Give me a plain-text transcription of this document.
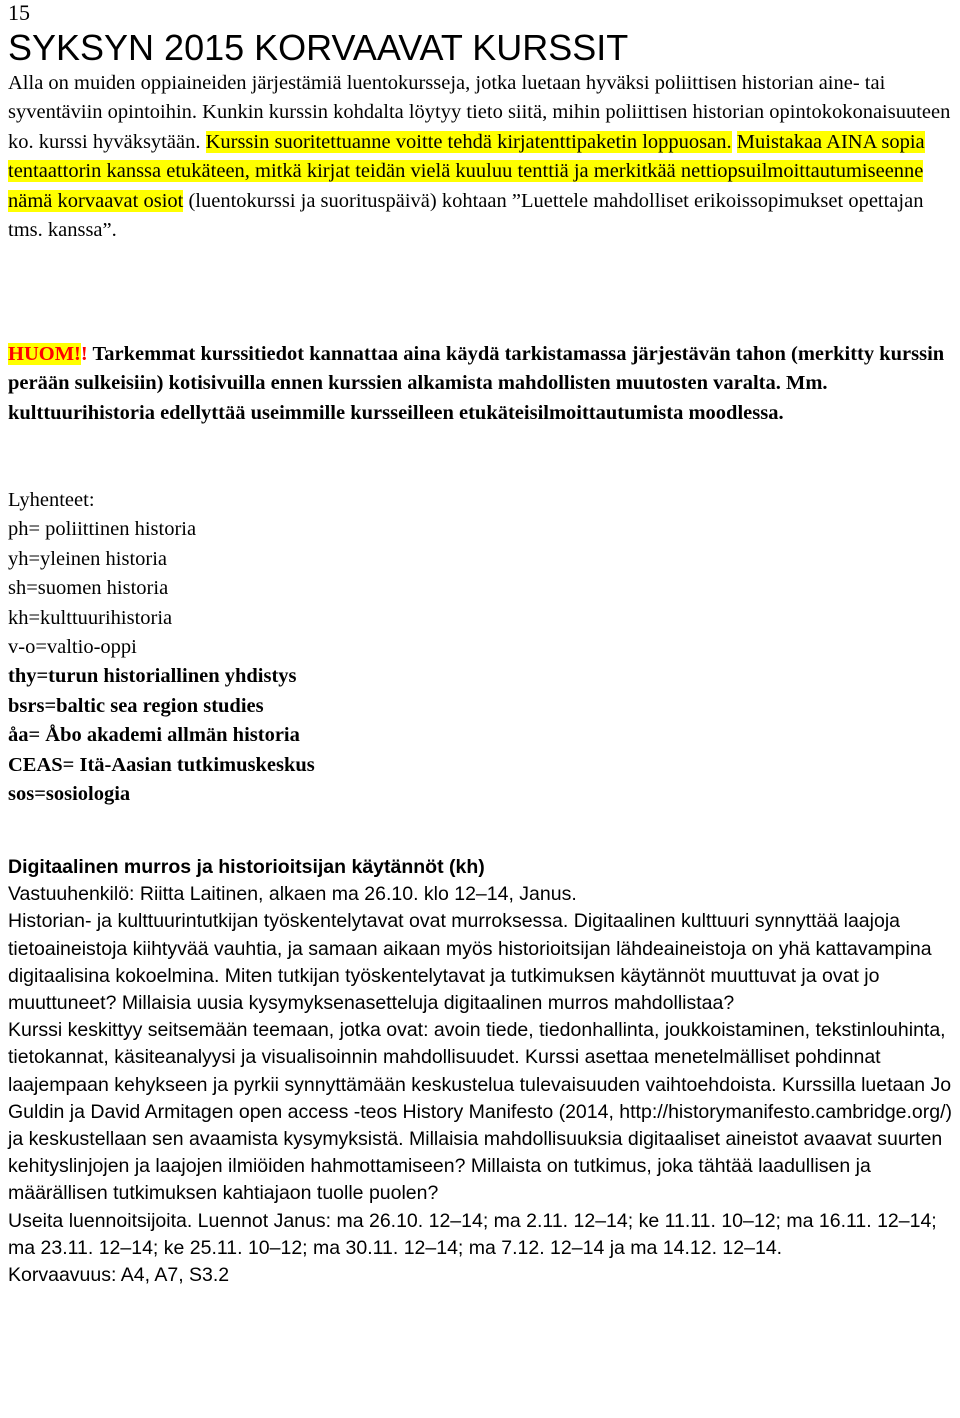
15
SYKSYN 2015 KORVAAVAT KURSSIT
Alla on muiden oppiaineiden järjestämiä luentokursseja, jotka luetaan hyväksi poliittisen historian aine- tai syventäviin opintoihin. Kunkin kurssin kohdalta löytyy tieto siitä, mihin poliittisen historian opintokokonaisuuteen ko. kurssi hyväksytään. Kurssin suoritettuanne voitte tehdä kirjatenttipaketin loppuosan. Muistakaa AINA sopia tentaattorin kanssa etukäteen, mitkä kirjat teidän vielä kuuluu tenttiä ja merkitkää nettiopsuilmoittautumiseenne nämä korvaavat osiot (luentokurssi ja suorituspäivä) kohtaan ”Luettele mahdolliset erikoissopimukset opettajan tms. kanssa”.
HUOM!! Tarkemmat kurssitiedot kannattaa aina käydä tarkistamassa järjestävän tahon (merkitty kurssin perään sulkeisiin) kotisivuilla ennen kurssien alkamista mahdollisten muutosten varalta. Mm. kulttuurihistoria edellyttää useimmille kursseilleen etukäteisilmoittautumista moodlessa.
Lyhenteet:
ph= poliittinen historia
yh=yleinen historia
sh=suomen historia
kh=kulttuurihistoria
v-o=valtio-oppi
thy=turun historiallinen yhdistys
bsrs=baltic sea region studies
åa= Åbo akademi allmän historia
CEAS= Itä-Aasian tutkimuskeskus
sos=sosiologia
Digitaalinen murros ja historioitsijan käytännöt (kh)
Vastuuhenkilö: Riitta Laitinen, alkaen ma 26.10. klo 12–14, Janus.
Historian- ja kulttuurintutkijan työskentelytavat ovat murroksessa. Digitaalinen kulttuuri synnyttää laajoja tietoaineistoja kiihtyvää vauhtia, ja samaan aikaan myös historioitsijan lähdeaineistoja on yhä kattavampina digitaalisina kokoelmina. Miten tutkijan työskentelytavat ja tutkimuksen käytännöt muuttuvat ja ovat jo muuttuneet? Millaisia uusia kysymyksenasetteluja digitaalinen murros mahdollistaa?
Kurssi keskittyy seitsemään teemaan, jotka ovat: avoin tiede, tiedonhallinta, joukkoistaminen, tekstinlouhinta, tietokannat, käsiteanalyysi ja visualisoinnin mahdollisuudet. Kurssi asettaa menetelmälliset pohdinnat laajempaan kehykseen ja pyrkii synnyttämään keskustelua tulevaisuuden vaihtoehdoista. Kurssilla luetaan Jo Guldin ja David Armitagen open access -teos History Manifesto (2014, http://historymanifesto.cambridge.org/) ja keskustellaan sen avaamista kysymyksistä. Millaisia mahdollisuuksia digitaaliset aineistot avaavat suurten kehityslinjojen ja laajojen ilmiöiden hahmottamiseen? Millaista on tutkimus, joka tähtää laadullisen ja määrällisen tutkimuksen kahtiajaon tuolle puolen?
Useita luennoitsijoita. Luennot Janus: ma 26.10. 12–14; ma 2.11. 12–14; ke 11.11. 10–12; ma 16.11. 12–14; ma 23.11. 12–14; ke 25.11. 10–12; ma 30.11. 12–14; ma 7.12. 12–14 ja ma 14.12. 12–14.
Korvaavuus: A4, A7, S3.2
